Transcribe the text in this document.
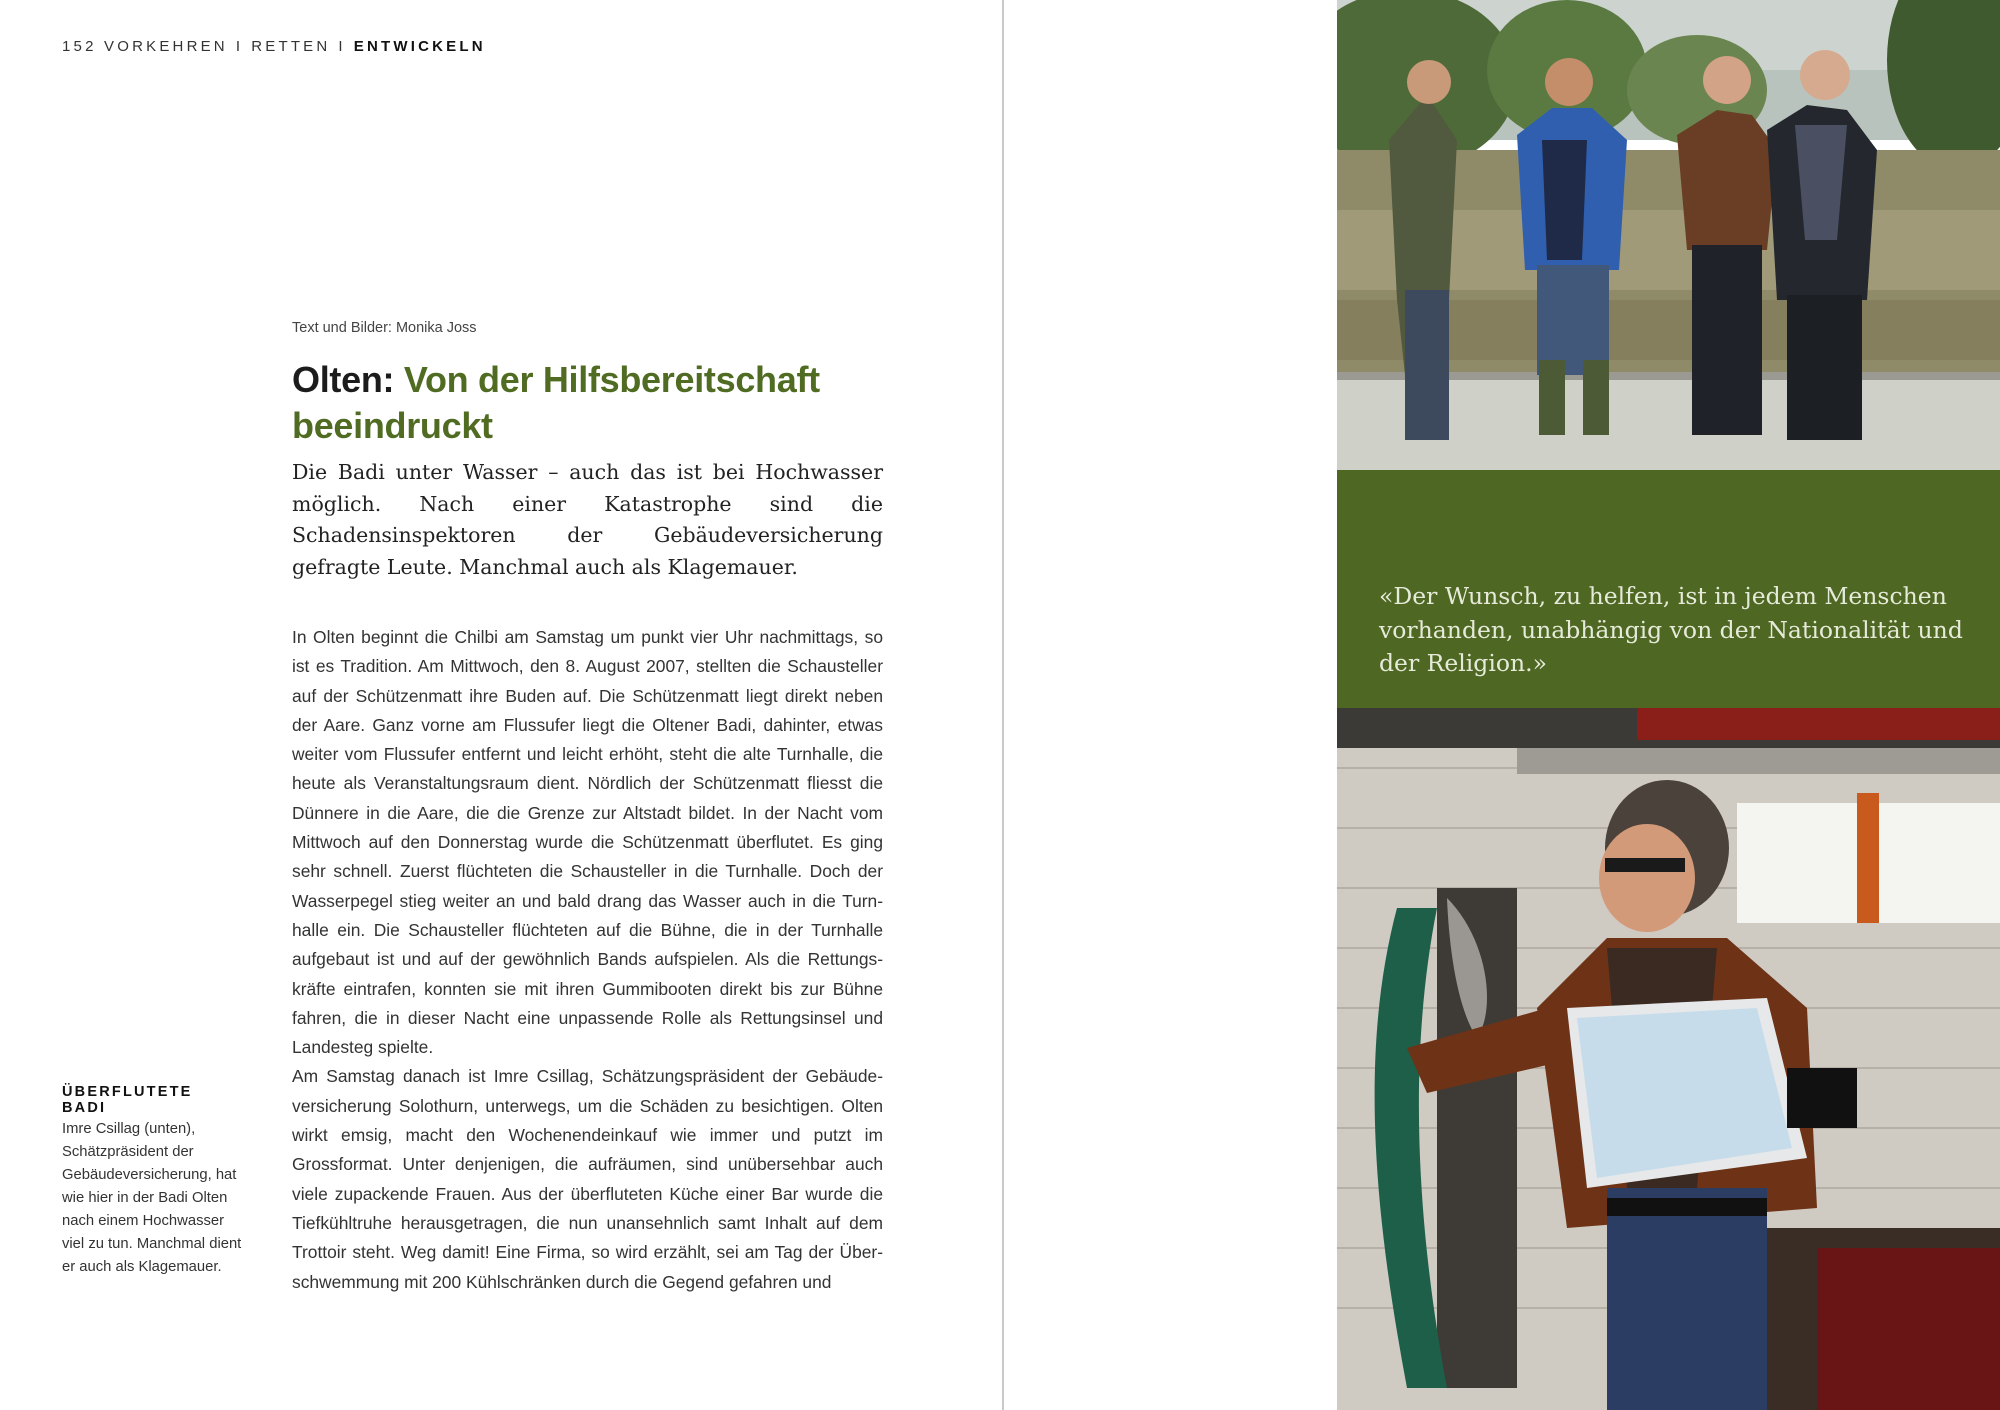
152 VORKEHREN I RETTEN I ENTWICKELN
Text und Bilder: Monika Joss
Olten: Von der Hilfsbereitschaft
beeindruckt
Die Badi unter Wasser – auch das ist bei Hochwasser möglich. Nach einer Katastrophe sind die Schadensinspektoren der Gebäudeversicherung gefragte Leute. Manchmal auch als Klagemauer.

In Olten beginnt die Chilbi am Samstag um punkt vier Uhr nachmittags, so ist es Tradition. Am Mittwoch, den 8. August 2007, stellten die Schausteller auf der Schützenmatt ihre Buden auf. Die Schützenmatt liegt direkt neben der Aare. Ganz vorne am Flussufer liegt die Oltener Badi, dahinter, etwas weiter vom Flussufer entfernt und leicht erhöht, steht die alte Turnhalle, die heute als Veranstaltungsraum dient. Nördlich der Schützenmatt fliesst die Dünnere in die Aare, die die Grenze zur Altstadt bildet. In der Nacht vom Mittwoch auf den Donnerstag wurde die Schützenmatt überflutet. Es ging sehr schnell. Zuerst flüchteten die Schausteller in die Turnhalle. Doch der Wasserpegel stieg weiter an und bald drang das Wasser auch in die Turnhalle ein. Die Schausteller flüchteten auf die Bühne, die in der Turnhalle aufgebaut ist und auf der gewöhnlich Bands aufspielen. Als die Rettungskräfte eintrafen, konnten sie mit ihren Gummibooten direkt bis zur Bühne fahren, die in dieser Nacht eine unpassende Rolle als Rettungsinsel und Landesteg spielte.

Am Samstag danach ist Imre Csillag, Schätzungspräsident der Gebäudeversicherung Solothurn, unterwegs, um die Schäden zu besichtigen. Olten wirkt emsig, macht den Wochenendeinkauf wie immer und putzt im Grossformat. Unter denjenigen, die aufräumen, sind unübersehbar auch viele zupackende Frauen. Aus der überfluteten Küche einer Bar wurde die Tiefkühltruhe herausgetragen, die nun unansehnlich samt Inhalt auf dem Trottoir steht. Weg damit! Eine Firma, so wird erzählt, sei am Tag der Überschwemmung mit 200 Kühlschränken durch die Gegend gefahren und

ÜBERFLUTETE BADI
Imre Csillag (unten), Schätzpräsident der Gebäudeversicherung, hat wie hier in der Badi Olten nach einem Hochwasser viel zu tun. Manchmal dient er auch als Klagemauer.
«Der Wunsch, zu helfen, ist in jedem Menschen vorhanden, unabhängig von der Nationalität und der Religion.»
